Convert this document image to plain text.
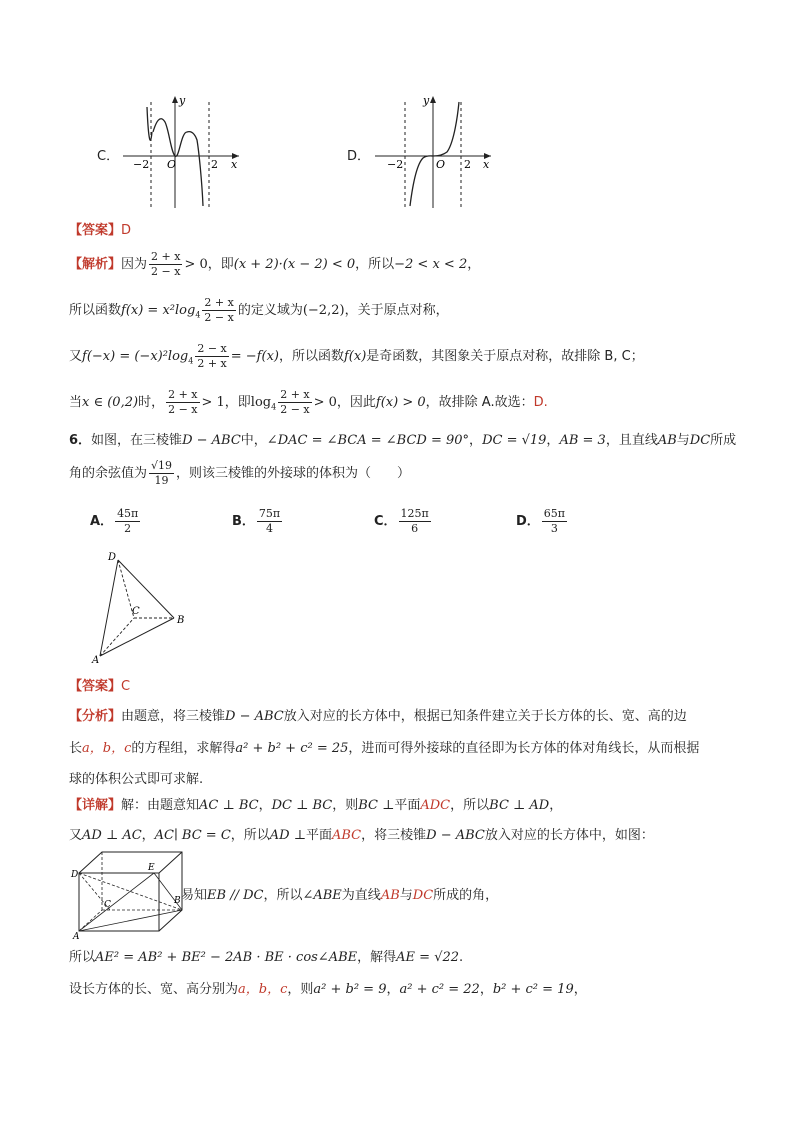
C．
y
x
O
−2	2
D．
y
x
O
−2	2
【答案】D
【解析】因为 $\frac{2 + x}{2 - x} > 0$，即(x + 2)·(x − 2) < 0，所以−2 < x < 2，
所以函数$f(x) = x^2\log_4 \frac{2 + x}{2 - x}$ 的定义域为(−2,2)，关于原点对称，
又$f(-x) = (-x)^2\log_4 \frac{2 - x}{2 + x} = -f(x)$，所以函数f(x)是奇函数，其图象关于原点对称，故排除 B, C；
当x ∈ (0,2)时， $\frac{2 + x}{2 - x} > 1$，即$\log_4 \frac{2 + x}{2 - x} > 0$，因此f(x) > 0，故排除 A.故选：D.
6．如图，在三棱锥D − ABC中，∠DAC = ∠BCA = ∠BCD = 90°，DC = √19，AB = 3，且直线AB与DC所成
角的余弦值为 $\frac{√19}{19}$ ，则该三棱锥的外接球的体积为（　　）
A． $\frac{45\pi}{2}$	B． $\frac{75\pi}{4}$	C． $\frac{125\pi}{6}$	D． $\frac{65\pi}{3}$
D
C
B
A
【答案】C
【分析】由题意，将三棱锥D − ABC放入对应的长方体中，根据已知条件建立关于长方体的长、宽、高的边
长a，b，c的方程组，求解得a² + b² + c² = 25，进而可得外接球的直径即为长方体的体对角线长，从而根据
球的体积公式即可求解.
【详解】解：由题意知AC ⊥ BC，DC ⊥ BC，则BC ⊥平面ADC，所以BC ⊥ AD，
又AD ⊥ AC，AC∣ BC = C，所以AD ⊥平面ABC，将三棱锥D − ABC放入对应的长方体中，如图：
D
E
C	B
A
易知EB // DC，所以∠ABE为直线AB与DC所成的角，
所以AE² = AB² + BE² − 2AB · BE · cos∠ABE，解得AE = √22.
设长方体的长、宽、高分别为a，b，c，则a² + b² = 9，a² + c² = 22，b² + c² = 19，
